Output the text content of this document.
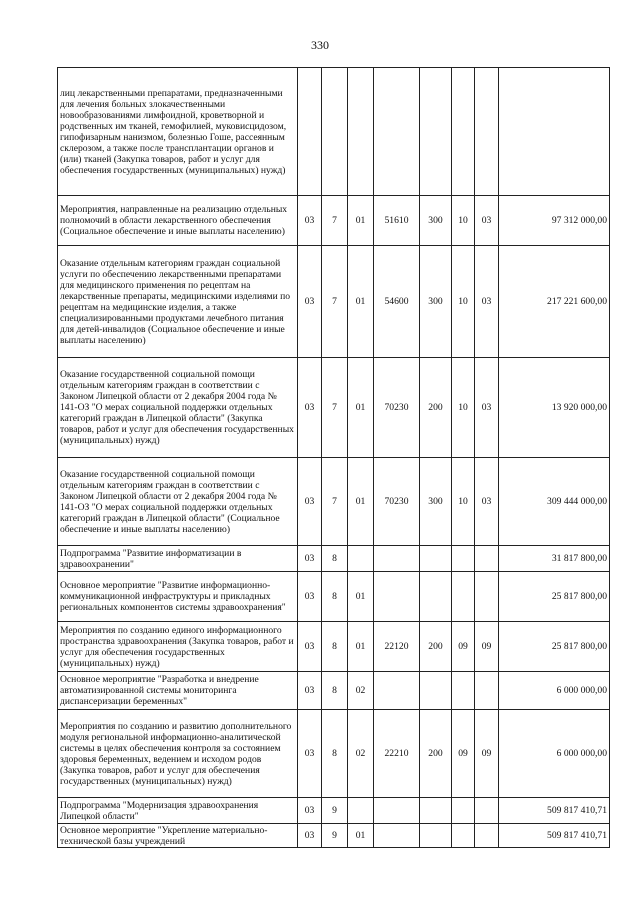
330
лиц лекарственными препаратами, предназначенными для лечения больных злокачественными новообразованиями лимфоидной, кроветворной и родственных им тканей, гемофилией, муковисцидозом, гипофизарным нанизмом, болезнью Гоше, рассеянным склерозом, а также после трансплантации органов и (или) тканей (Закупка товаров, работ и услуг для обеспечения государственных (муниципальных) нужд)								
Мероприятия, направленные на реализацию отдельных полномочий в области лекарственного обеспечения (Социальное обеспечение и иные выплаты населению)	03	7	01	51610	300	10	03	97 312 000,00
Оказание отдельным категориям граждан социальной услуги по обеспечению лекарственными препаратами для медицинского применения по рецептам на лекарственные препараты, медицинскими изделиями по рецептам на медицинские изделия, а также специализированными продуктами лечебного питания для детей-инвалидов (Социальное обеспечение и иные выплаты населению)	03	7	01	54600	300	10	03	217 221 600,00
Оказание государственной социальной помощи отдельным категориям граждан в соответствии с Законом Липецкой области от 2 декабря 2004 года № 141-ОЗ "О мерах социальной поддержки отдельных категорий граждан в Липецкой области" (Закупка товаров, работ и услуг для обеспечения государственных (муниципальных) нужд)	03	7	01	70230	200	10	03	13 920 000,00
Оказание государственной социальной помощи отдельным категориям граждан в соответствии с Законом Липецкой области от 2 декабря 2004 года № 141-ОЗ "О мерах социальной поддержки отдельных категорий граждан в Липецкой области" (Социальное обеспечение и иные выплаты населению)	03	7	01	70230	300	10	03	309 444 000,00
Подпрограмма "Развитие информатизации в здравоохранении"	03	8						31 817 800,00
Основное мероприятие "Развитие информационно-коммуникационной инфраструктуры и прикладных региональных компонентов системы здравоохранения"	03	8	01					25 817 800,00
Мероприятия по созданию единого информационного пространства здравоохранения (Закупка товаров, работ и услуг для обеспечения государственных (муниципальных) нужд)	03	8	01	22120	200	09	09	25 817 800,00
Основное мероприятие "Разработка и внедрение автоматизированной системы мониторинга диспансеризации беременных"	03	8	02					6 000 000,00
Мероприятия по созданию и развитию дополнительного модуля региональной информационно-аналитической системы в целях обеспечения контроля за состоянием здоровья беременных, ведением и исходом родов (Закупка товаров, работ и услуг для обеспечения государственных (муниципальных) нужд)	03	8	02	22210	200	09	09	6 000 000,00
Подпрограмма "Модернизация здравоохранения Липецкой области"	03	9						509 817 410,71
Основное мероприятие "Укрепление материально-технической базы учреждений	03	9	01					509 817 410,71
